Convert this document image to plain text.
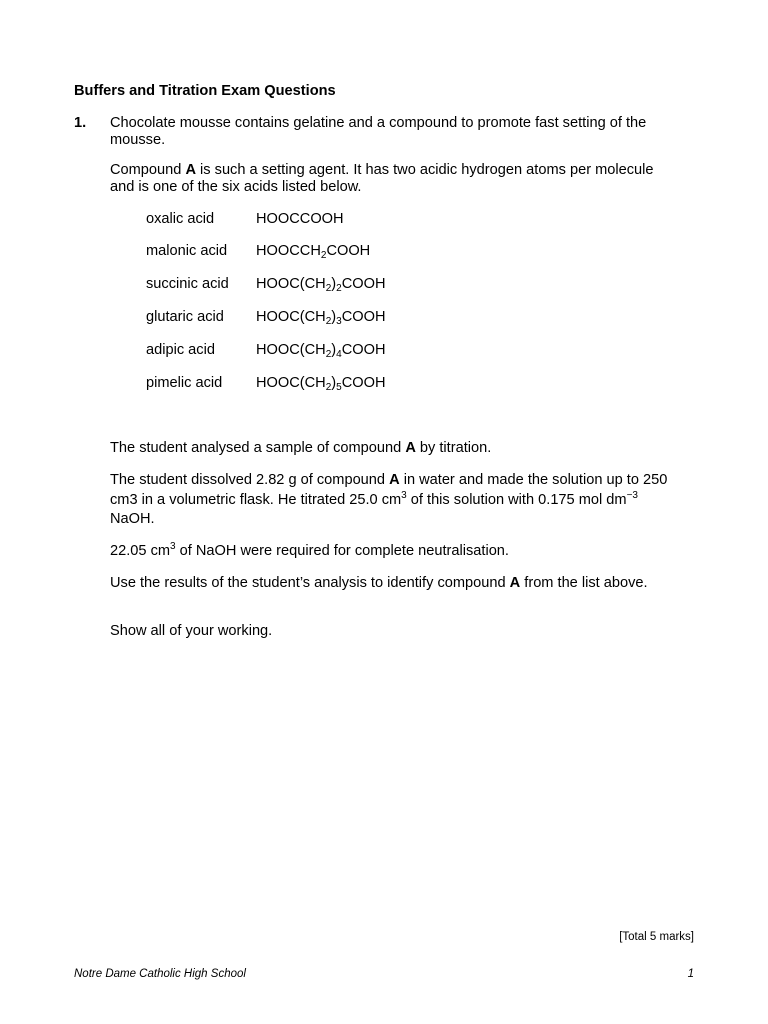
Buffers and Titration Exam Questions
1. Chocolate mousse contains gelatine and a compound to promote fast setting of the mousse.
Compound A is such a setting agent. It has two acidic hydrogen atoms per molecule and is one of the six acids listed below.
oxalic acid	HOOCCOOH
malonic acid $HOOCCH_2COOH$
succinic acid $HOOC(CH_2)_2COOH$
glutaric acid $HOOC(CH_2)_3COOH$
adipic acid	$HOOC(CH_2)_4COOH$
pimelic acid $HOOC(CH_2)_5COOH$
The student analysed a sample of compound A by titration.
The student dissolved 2.82 g of compound A in water and made the solution up to 250 cm3 in a volumetric flask. He titrated 25.0 $cm^3$ of this solution with 0.175 mol $dm^{-3}$ NaOH.
22.05 $cm^3$ of NaOH were required for complete neutralisation.
Use the results of the student’s analysis to identify compound A from the list above.
Show all of your working.
[Total 5 marks]
Notre Dame Catholic High School	1
